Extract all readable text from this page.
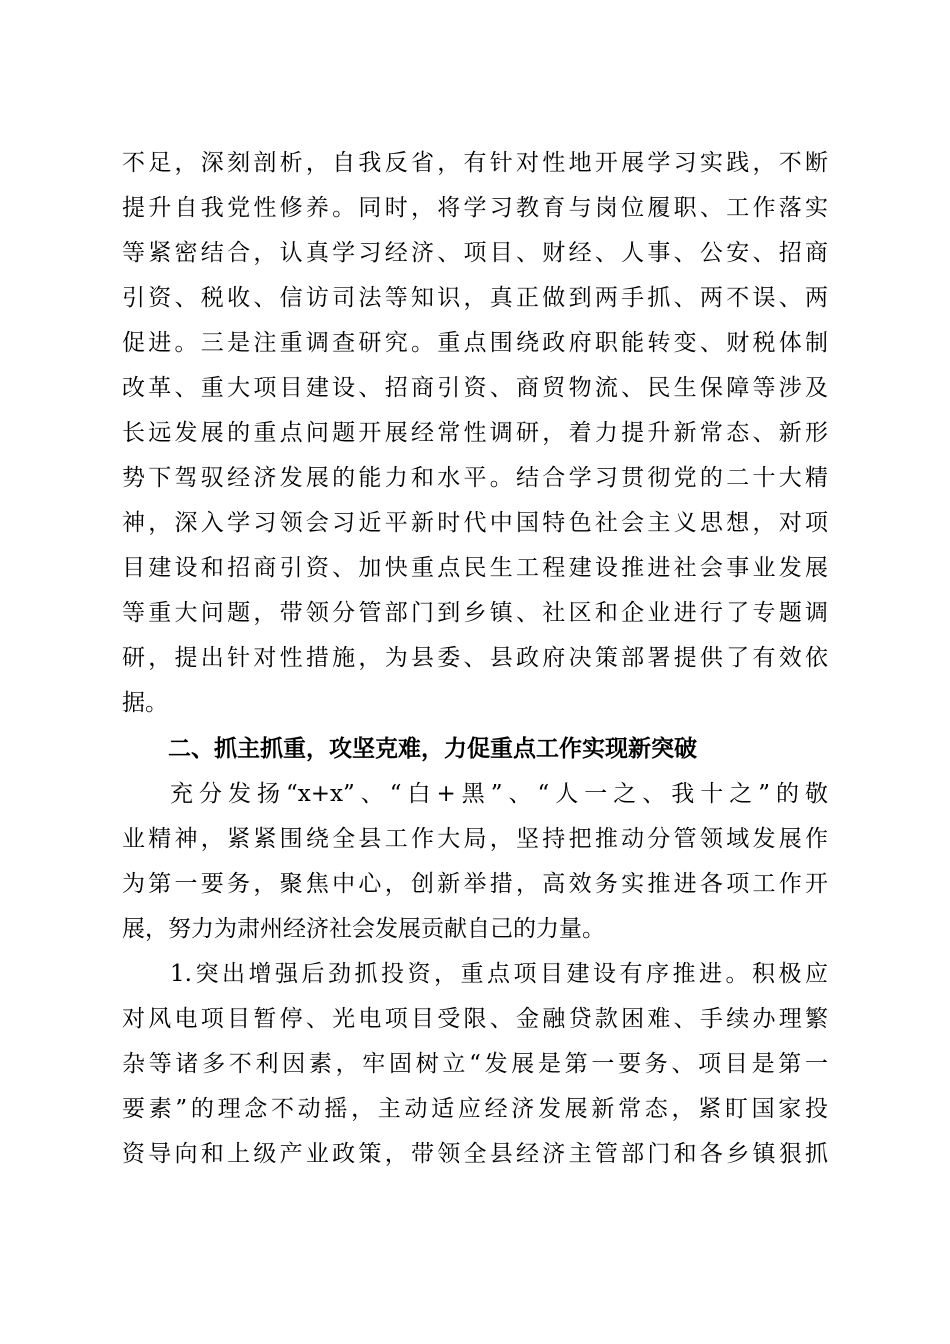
不足，深刻剖析，自我反省，有针对性地开展学习实践，不断
提升自我党性修养。同时，将学习教育与岗位履职、工作落实
等紧密结合，认真学习经济、项目、财经、人事、公安、招商
引资、税收、信访司法等知识，真正做到两手抓、两不误、两
促进。三是注重调查研究。重点围绕政府职能转变、财税体制
改革、重大项目建设、招商引资、商贸物流、民生保障等涉及
长远发展的重点问题开展经常性调研，着力提升新常态、新形
势下驾驭经济发展的能力和水平。结合学习贯彻党的二十大精
神，深入学习领会习近平新时代中国特色社会主义思想，对项
目建设和招商引资、加快重点民生工程建设推进社会事业发展
等重大问题，带领分管部门到乡镇、社区和企业进行了专题调
研，提出针对性措施，为县委、县政府决策部署提供了有效依
据。
二、抓主抓重，攻坚克难，力促重点工作实现新突破
充分发扬“x+x”、“白+黑”、“人一之、我十之”的敬
业精神，紧紧围绕全县工作大局，坚持把推动分管领域发展作
为第一要务，聚焦中心，创新举措，高效务实推进各项工作开
展，努力为肃州经济社会发展贡献自己的力量。
1.突出增强后劲抓投资，重点项目建设有序推进。积极应
对风电项目暂停、光电项目受限、金融贷款困难、手续办理繁
杂等诸多不利因素，牢固树立“发展是第一要务、项目是第一
要素”的理念不动摇，主动适应经济发展新常态，紧盯国家投
资导向和上级产业政策，带领全县经济主管部门和各乡镇狠抓
